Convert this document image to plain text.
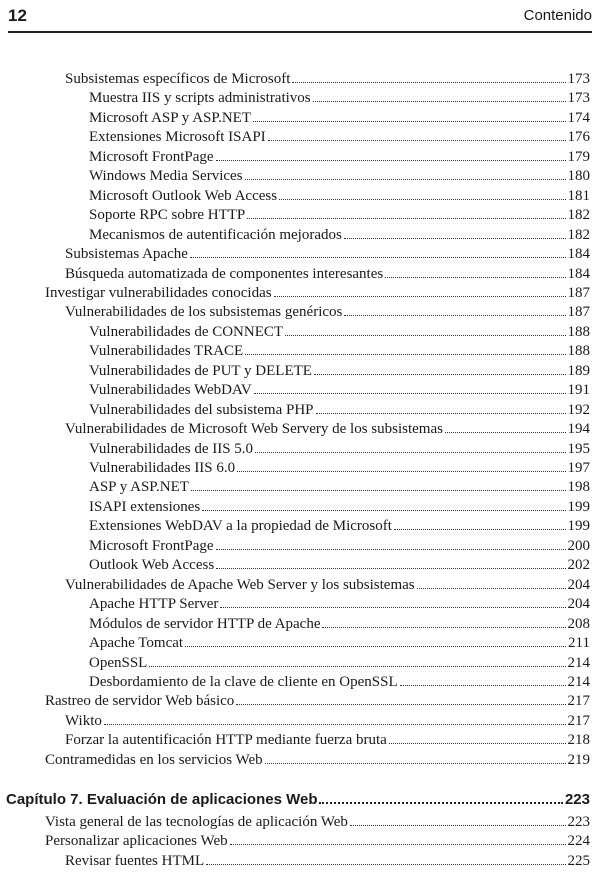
12	Contenido
Subsistemas específicos de Microsoft	173
Muestra IIS y scripts administrativos	173
Microsoft ASP y ASP.NET	174
Extensiones Microsoft ISAPI	176
Microsoft FrontPage	179
Windows Media Services	180
Microsoft Outlook Web Access	181
Soporte RPC sobre HTTP	182
Mecanismos de autentificación mejorados	182
Subsistemas Apache	184
Búsqueda automatizada de componentes interesantes	184
Investigar vulnerabilidades conocidas	187
Vulnerabilidades de los subsistemas genéricos	187
Vulnerabilidades de CONNECT	188
Vulnerabilidades TRACE	188
Vulnerabilidades de PUT y DELETE	189
Vulnerabilidades WebDAV	191
Vulnerabilidades del subsistema PHP	192
Vulnerabilidades de Microsoft Web Servery de los subsistemas	194
Vulnerabilidades de IIS 5.0	195
Vulnerabilidades IIS 6.0	197
ASP y ASP.NET	198
ISAPI extensiones	199
Extensiones WebDAV a la propiedad de Microsoft	199
Microsoft FrontPage	200
Outlook Web Access	202
Vulnerabilidades de Apache Web Server y los subsistemas	204
Apache HTTP Server	204
Módulos de servidor HTTP de Apache	208
Apache Tomcat	211
OpenSSL	214
Desbordamiento de la clave de cliente en OpenSSL	214
Rastreo de servidor Web básico	217
Wikto	217
Forzar la autentificación HTTP mediante fuerza bruta	218
Contramedidas en los servicios Web	219
Capítulo 7. Evaluación de aplicaciones Web	223
Vista general de las tecnologías de aplicación Web	223
Personalizar aplicaciones Web	224
Revisar fuentes HTML	225
